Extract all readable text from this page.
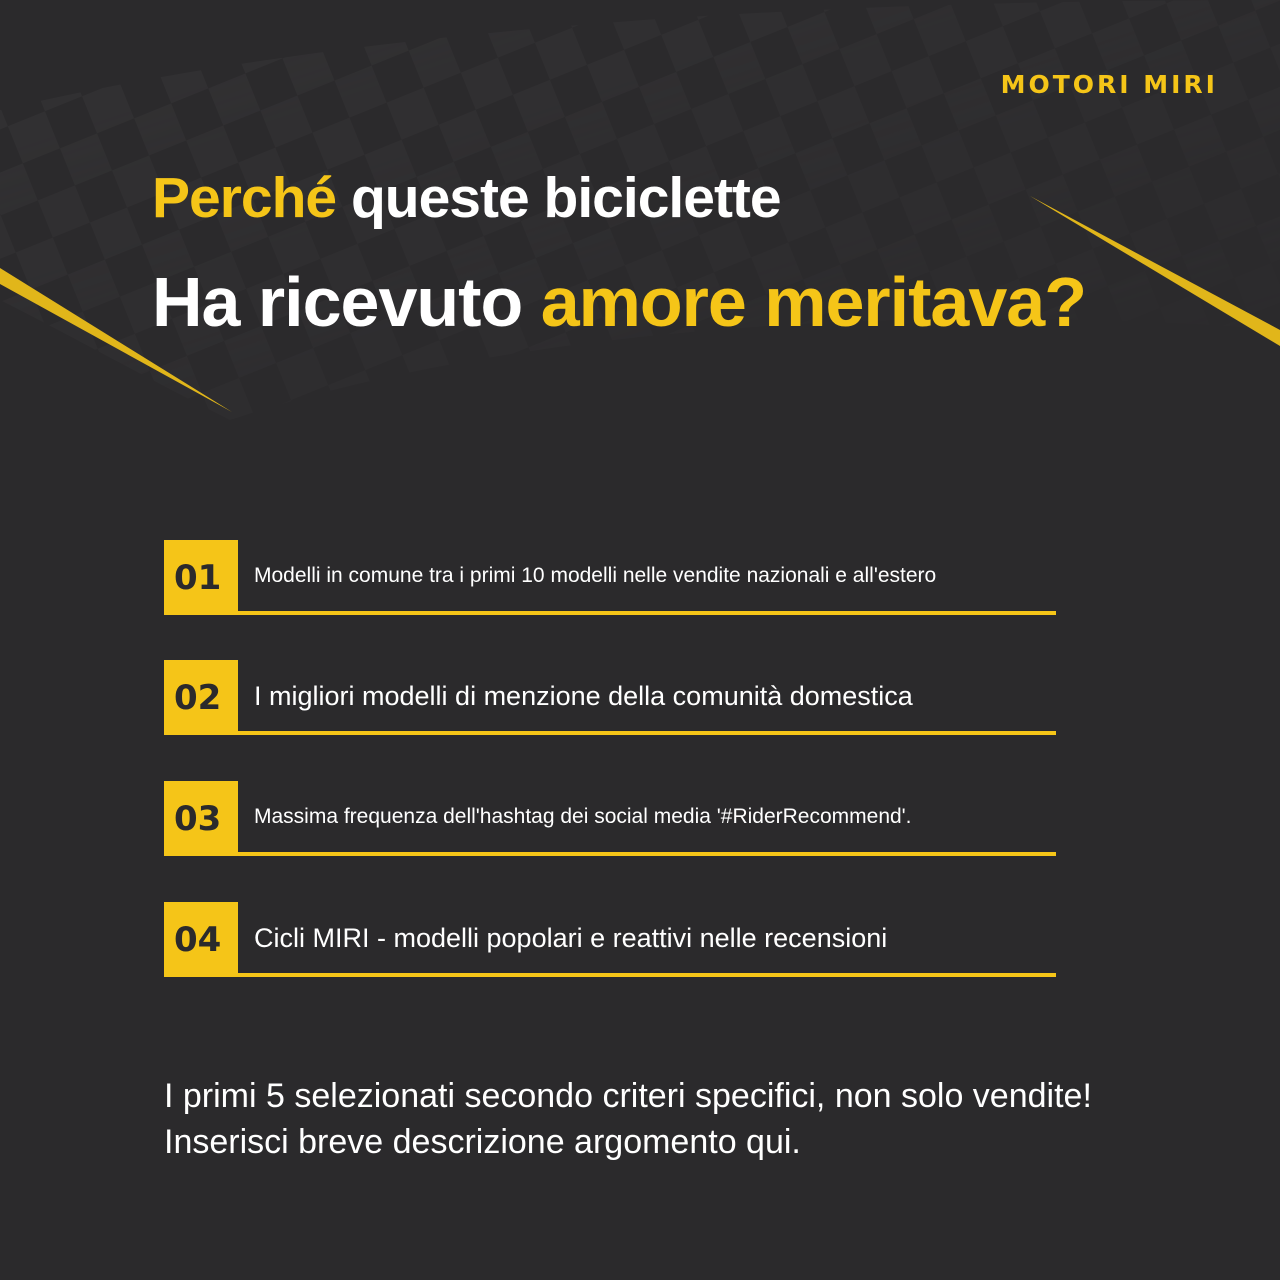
MOTORI MIRI
Perché queste biciclette
Ha ricevuto amore meritava?
01 Modelli in comune tra i primi 10 modelli nelle vendite nazionali e all'estero
02 I migliori modelli di menzione della comunità domestica
03 Massima frequenza dell'hashtag dei social media '#RiderRecommend'.
04 Cicli MIRI - modelli popolari e reattivi nelle recensioni
I primi 5 selezionati secondo criteri specifici, non solo vendite!
Inserisci breve descrizione argomento qui.
